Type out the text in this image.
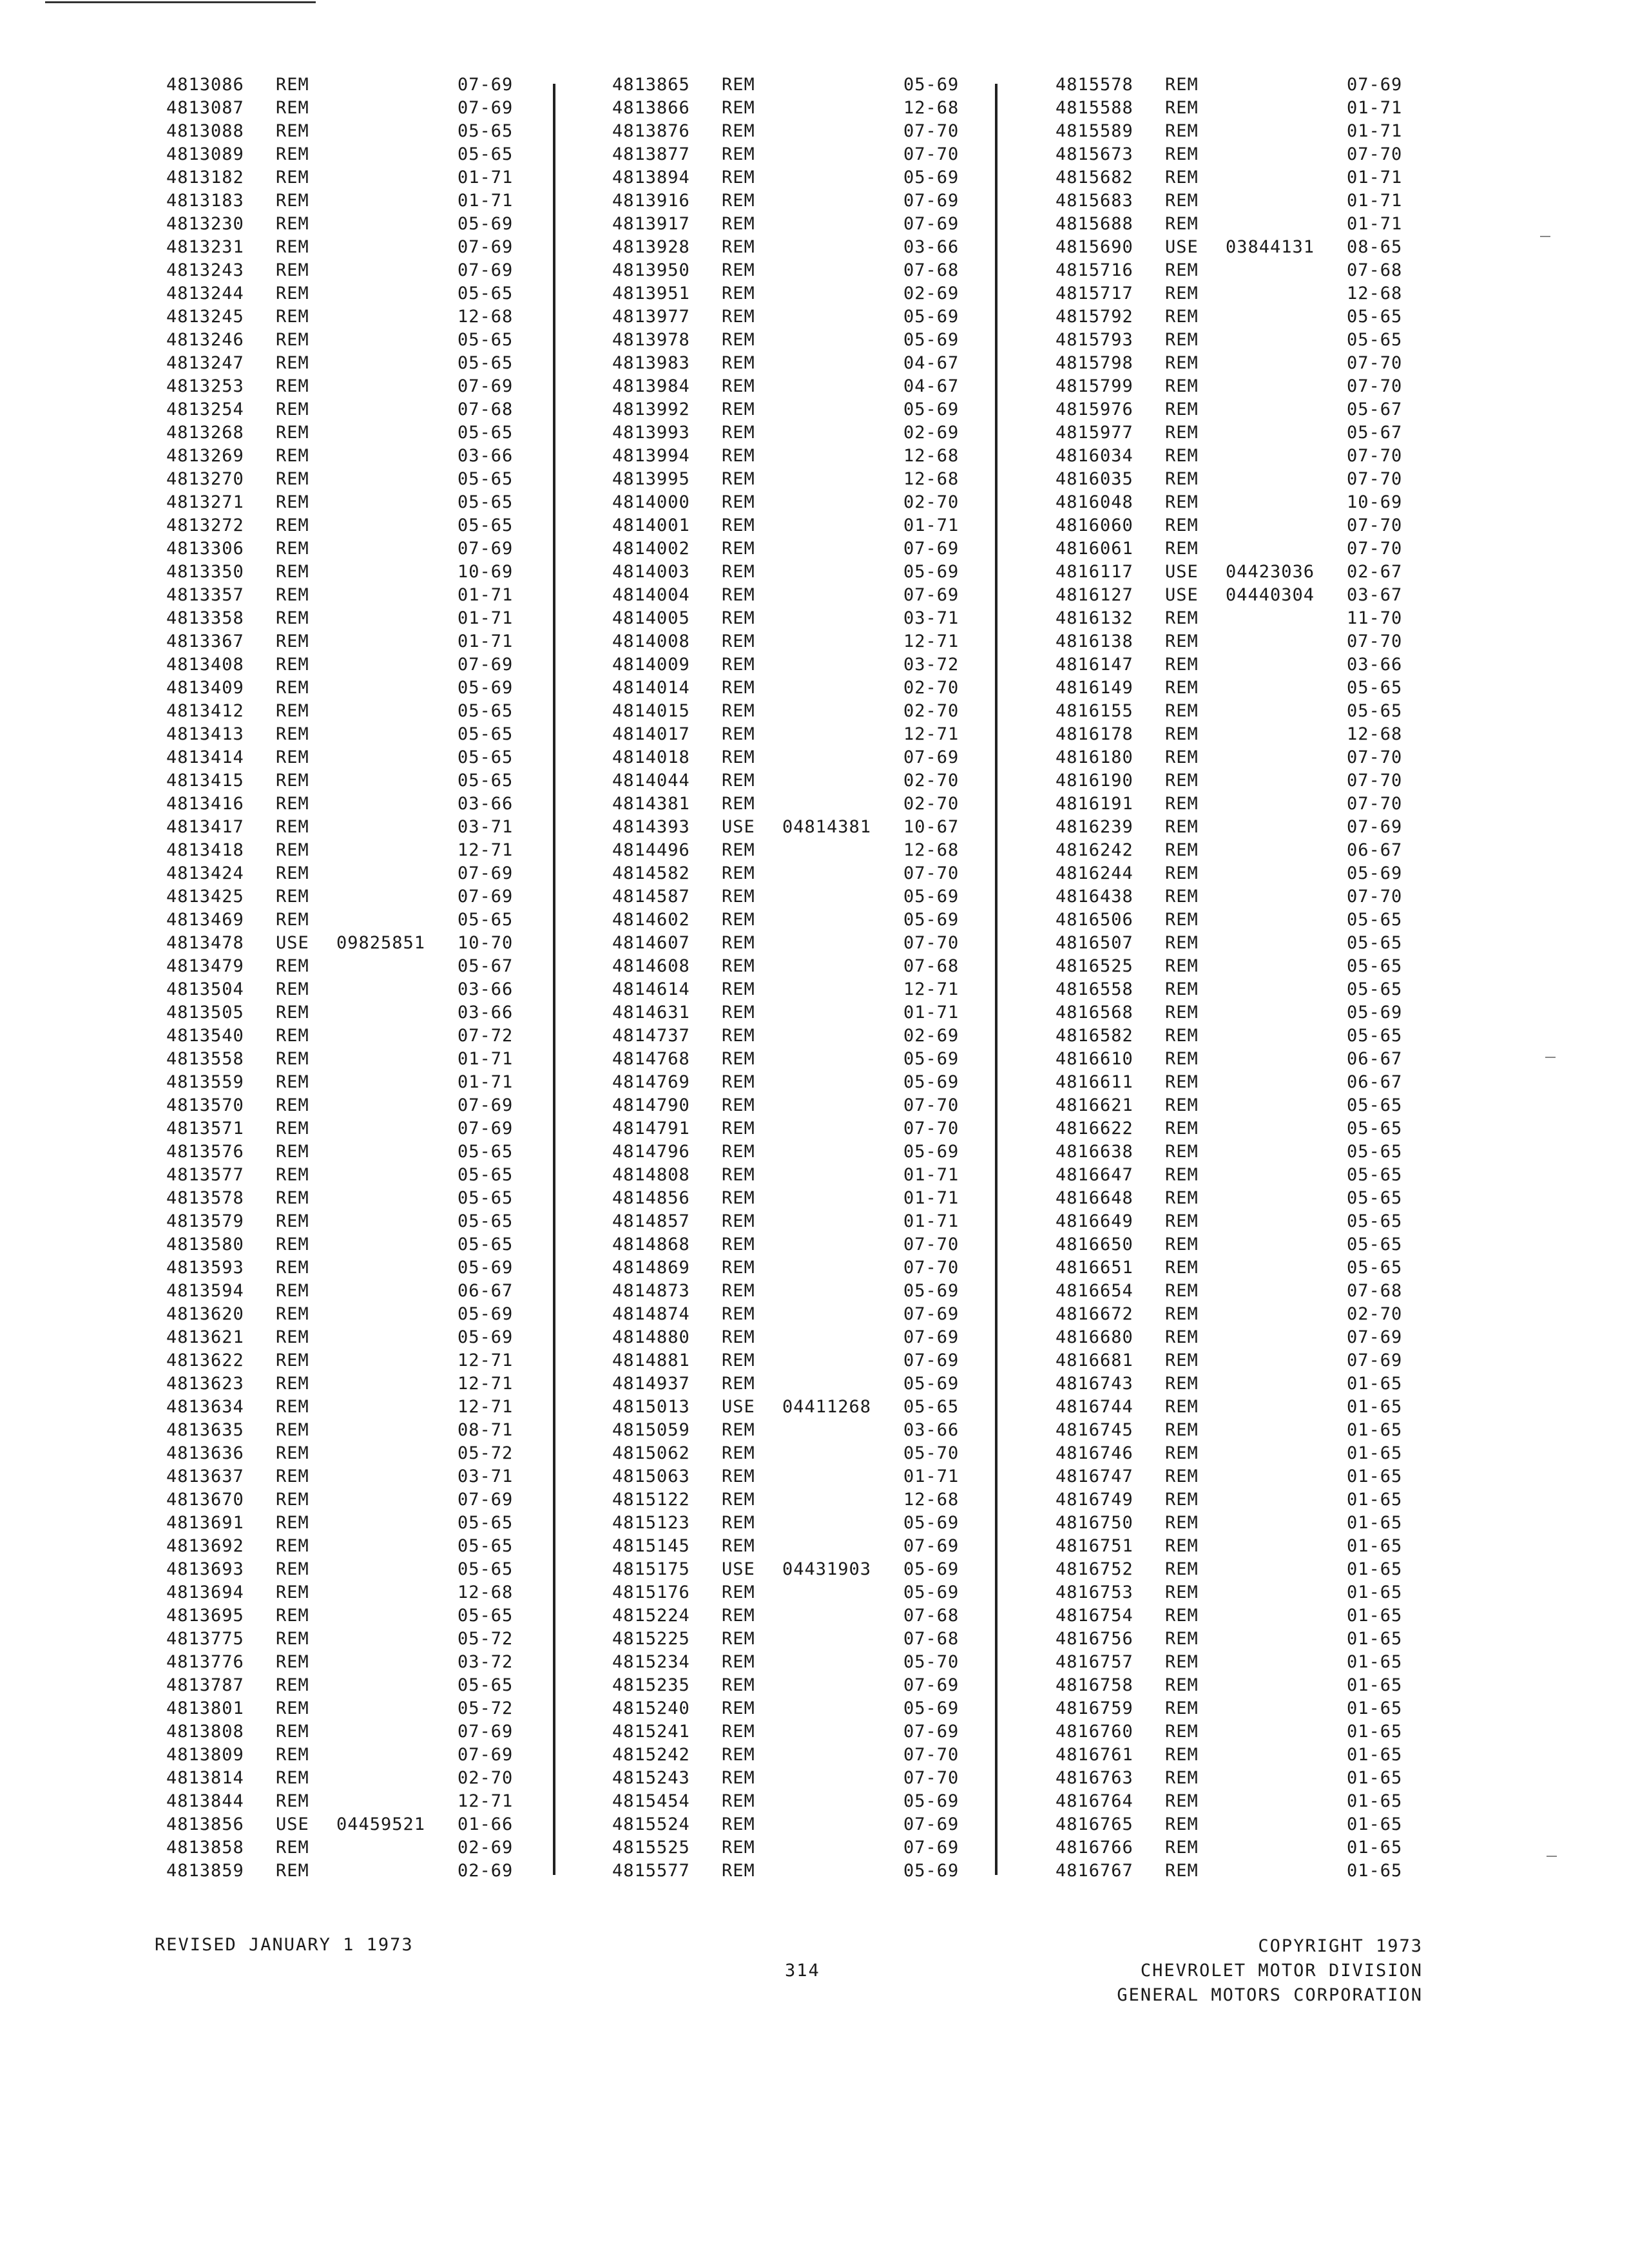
4813086 REM	07-69
4813087 REM	07-69
4813088 REM	05-65
4813089 REM	05-65
4813182 REM	01-71
4813183 REM	01-71
4813230 REM	05-69
4813231 REM	07-69
4813243 REM	07-69
4813244 REM	05-65
4813245 REM	12-68
4813246 REM	05-65
4813247 REM	05-65
4813253 REM	07-69
4813254 REM	07-68
4813268 REM	05-65
4813269 REM	03-66
4813270 REM	05-65
4813271 REM	05-65
4813272 REM	05-65
4813306 REM	07-69
4813350 REM	10-69
4813357 REM	01-71
4813358 REM	01-71
4813367 REM	01-71
4813408 REM	07-69
4813409 REM	05-69
4813412 REM	05-65
4813413 REM	05-65
4813414 REM	05-65
4813415 REM	05-65
4813416 REM	03-66
4813417 REM	03-71
4813418 REM	12-71
4813424 REM	07-69
4813425 REM	07-69
4813469 REM	05-65
4813478 USE 09825851 10-70
4813479 REM	05-67
4813504 REM	03-66
4813505 REM	03-66
4813540 REM	07-72
4813558 REM	01-71
4813559 REM	01-71
4813570 REM	07-69
4813571 REM	07-69
4813576 REM	05-65
4813577 REM	05-65
4813578 REM	05-65
4813579 REM	05-65
4813580 REM	05-65
4813593 REM	05-69
4813594 REM	06-67
4813620 REM	05-69
4813621 REM	05-69
4813622 REM	12-71
4813623 REM	12-71
4813634 REM	12-71
4813635 REM	08-71
4813636 REM	05-72
4813637 REM	03-71
4813670 REM	07-69
4813691 REM	05-65
4813692 REM	05-65
4813693 REM	05-65
4813694 REM	12-68
4813695 REM	05-65
4813775 REM	05-72
4813776 REM	03-72
4813787 REM	05-65
4813801 REM	05-72
4813808 REM	07-69
4813809 REM	07-69
4813814 REM	02-70
4813844 REM	12-71
4813856 USE 04459521 01-66
4813858 REM	02-69
4813859 REM	02-69
4813865 REM	05-69
4813866 REM	12-68
4813876 REM	07-70
4813877 REM	07-70
4813894 REM	05-69
4813916 REM	07-69
4813917 REM	07-69
4813928 REM	03-66
4813950 REM	07-68
4813951 REM	02-69
4813977 REM	05-69
4813978 REM	05-69
4813983 REM	04-67
4813984 REM	04-67
4813992 REM	05-69
4813993 REM	02-69
4813994 REM	12-68
4813995 REM	12-68
4814000 REM	02-70
4814001 REM	01-71
4814002 REM	07-69
4814003 REM	05-69
4814004 REM	07-69
4814005 REM	03-71
4814008 REM	12-71
4814009 REM	03-72
4814014 REM	02-70
4814015 REM	02-70
4814017 REM	12-71
4814018 REM	07-69
4814044 REM	02-70
4814381 REM	02-70
4814393 USE 04814381 10-67
4814496 REM	12-68
4814582 REM	07-70
4814587 REM	05-69
4814602 REM	05-69
4814607 REM	07-70
4814608 REM	07-68
4814614 REM	12-71
4814631 REM	01-71
4814737 REM	02-69
4814768 REM	05-69
4814769 REM	05-69
4814790 REM	07-70
4814791 REM	07-70
4814796 REM	05-69
4814808 REM	01-71
4814856 REM	01-71
4814857 REM	01-71
4814868 REM	07-70
4814869 REM	07-70
4814873 REM	05-69
4814874 REM	07-69
4814880 REM	07-69
4814881 REM	07-69
4814937 REM	05-69
4815013 USE 04411268 05-65
4815059 REM	03-66
4815062 REM	05-70
4815063 REM	01-71
4815122 REM	12-68
4815123 REM	05-69
4815145 REM	07-69
4815175 USE 04431903 05-69
4815176 REM	05-69
4815224 REM	07-68
4815225 REM	07-68
4815234 REM	05-70
4815235 REM	07-69
4815240 REM	05-69
4815241 REM	07-69
4815242 REM	07-70
4815243 REM	07-70
4815454 REM	05-69
4815524 REM	07-69
4815525 REM	07-69
4815577 REM	05-69
4815578 REM	07-69
4815588 REM	01-71
4815589 REM	01-71
4815673 REM	07-70
4815682 REM	01-71
4815683 REM	01-71
4815688 REM	01-71
4815690 USE 03844131 08-65
4815716 REM	07-68
4815717 REM	12-68
4815792 REM	05-65
4815793 REM	05-65
4815798 REM	07-70
4815799 REM	07-70
4815976 REM	05-67
4815977 REM	05-67
4816034 REM	07-70
4816035 REM	07-70
4816048 REM	10-69
4816060 REM	07-70
4816061 REM	07-70
4816117 USE 04423036 02-67
4816127 USE 04440304 03-67
4816132 REM	11-70
4816138 REM	07-70
4816147 REM	03-66
4816149 REM	05-65
4816155 REM	05-65
4816178 REM	12-68
4816180 REM	07-70
4816190 REM	07-70
4816191 REM	07-70
4816239 REM	07-69
4816242 REM	06-67
4816244 REM	05-69
4816438 REM	07-70
4816506 REM	05-65
4816507 REM	05-65
4816525 REM	05-65
4816558 REM	05-65
4816568 REM	05-69
4816582 REM	05-65
4816610 REM	06-67
4816611 REM	06-67
4816621 REM	05-65
4816622 REM	05-65
4816638 REM	05-65
4816647 REM	05-65
4816648 REM	05-65
4816649 REM	05-65
4816650 REM	05-65
4816651 REM	05-65
4816654 REM	07-68
4816672 REM	02-70
4816680 REM	07-69
4816681 REM	07-69
4816743 REM	01-65
4816744 REM	01-65
4816745 REM	01-65
4816746 REM	01-65
4816747 REM	01-65
4816749 REM	01-65
4816750 REM	01-65
4816751 REM	01-65
4816752 REM	01-65
4816753 REM	01-65
4816754 REM	01-65
4816756 REM	01-65
4816757 REM	01-65
4816758 REM	01-65
4816759 REM	01-65
4816760 REM	01-65
4816761 REM	01-65
4816763 REM	01-65
4816764 REM	01-65
4816765 REM	01-65
4816766 REM	01-65
4816767 REM	01-65
REVISED JANUARY 1 1973
314
COPYRIGHT 1973
CHEVROLET MOTOR DIVISION
GENERAL MOTORS CORPORATION
